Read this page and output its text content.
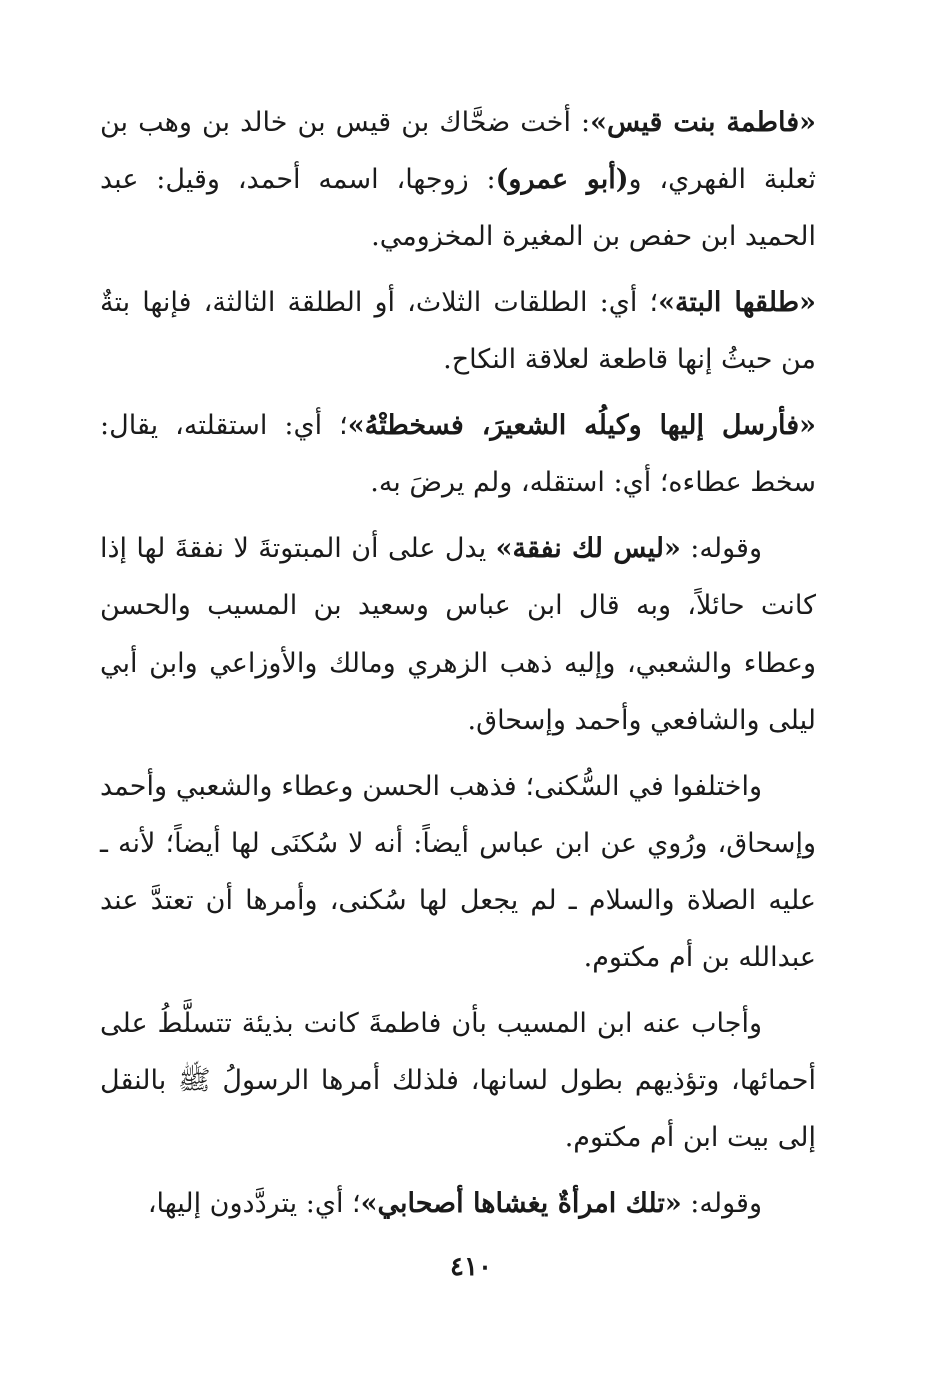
«فاطمة بنت قيس»: أخت ضحَّاك بن قيس بن خالد بن وهب بن ثعلبة الفهري، و(أبو عمرو): زوجها، اسمه أحمد، وقيل: عبد الحميد ابن حفص بن المغيرة المخزومي.

«طلقها البتة»؛ أي: الطلقات الثلاث، أو الطلقة الثالثة، فإنها بتةٌ من حيثُ إنها قاطعة لعلاقة النكاح.

«فأرسل إليها وكيلُه الشعيرَ، فسخطتْهُ»؛ أي: استقلته، يقال: سخط عطاءه؛ أي: استقله، ولم يرضَ به.

وقوله: «ليس لك نفقة» يدل على أن المبتوتةَ لا نفقةَ لها إذا كانت حائلاً، وبه قال ابن عباس وسعيد بن المسيب والحسن وعطاء والشعبي، وإليه ذهب الزهري ومالك والأوزاعي وابن أبي ليلى والشافعي وأحمد وإسحاق.

واختلفوا في السُّكنى؛ فذهب الحسن وعطاء والشعبي وأحمد وإسحاق، ورُوي عن ابن عباس أيضاً: أنه لا سُكنَى لها أيضاً؛ لأنه ـ عليه الصلاة والسلام ـ لم يجعل لها سُكنى، وأمرها أن تعتدَّ عند عبدالله بن أم مكتوم.

وأجاب عنه ابن المسيب بأن فاطمةَ كانت بذيئة تتسلَّطُ على أحمائها، وتؤذيهم بطول لسانها، فلذلك أمرها الرسولُ ﷺ بالنقل إلى بيت ابن أم مكتوم.

وقوله: «تلك امرأةٌ يغشاها أصحابي»؛ أي: يتردَّدون إليها،

٤١٠
